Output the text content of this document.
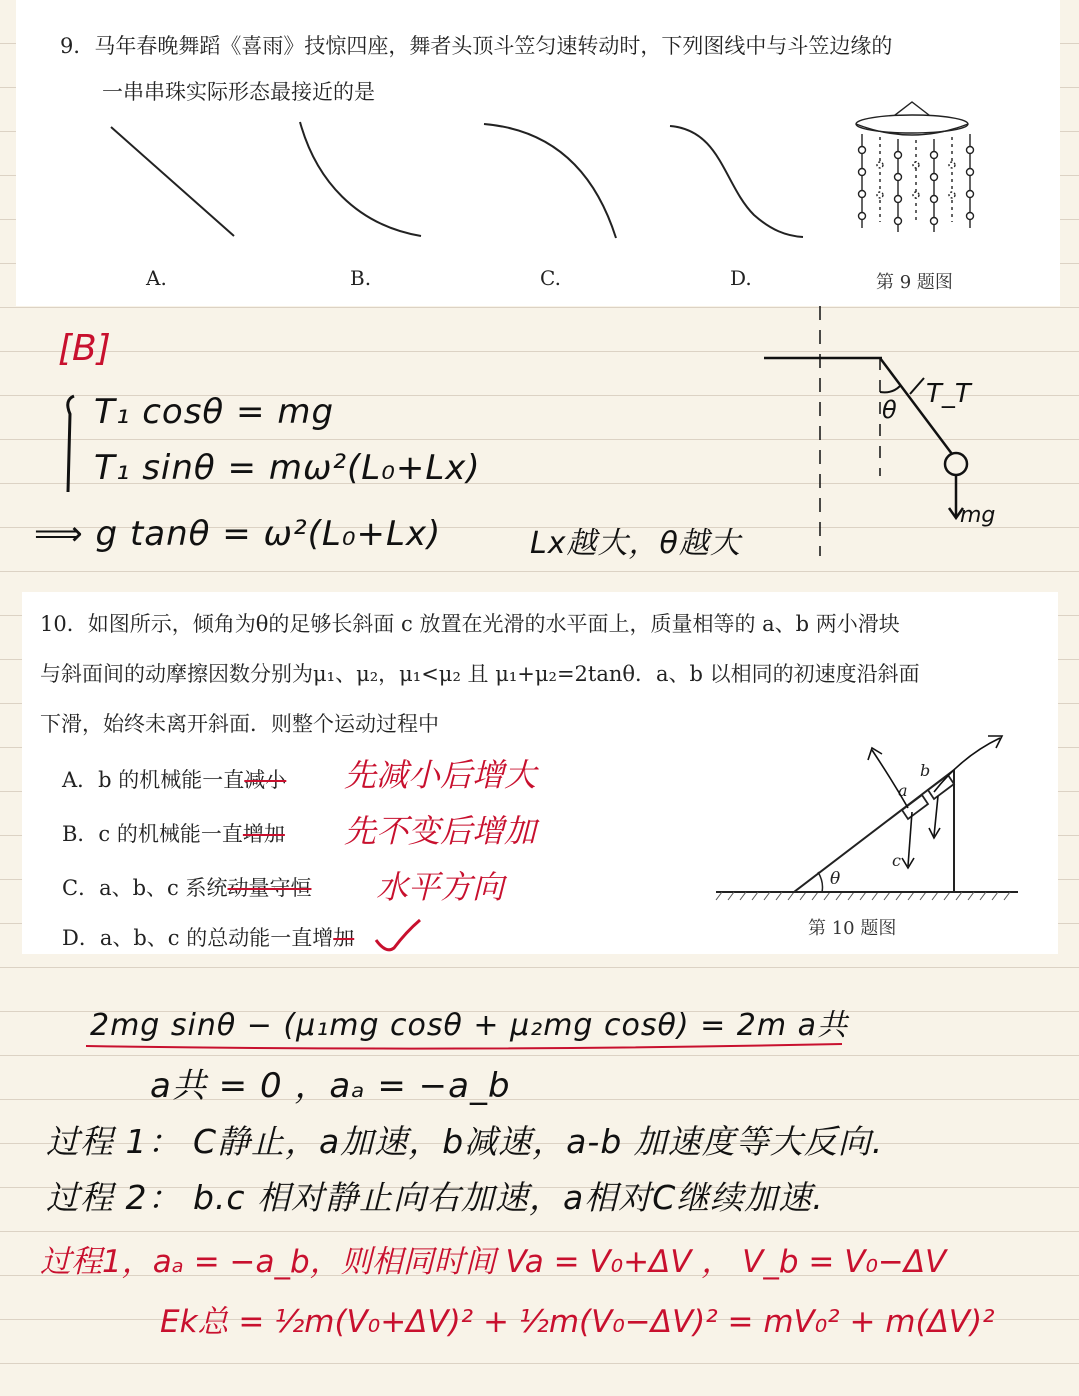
9．马年春晚舞蹈《喜雨》技惊四座，舞者头顶斗笠匀速转动时，下列图线中与斗笠边缘的
一串串珠实际形态最接近的是
A.	B.	C.	D.	第 9 题图
[B]
T₁ cosθ = mg
T₁ sinθ = mω²(L₀+Lx)
⟹ g tanθ = ω²(L₀+Lx)	Lx越大，θ越大
T_T
θ
mg
10．如图所示，倾角为θ的足够长斜面 c 放置在光滑的水平面上，质量相等的 a、b 两小滑块
与斜面间的动摩擦因数分别为μ₁、μ₂，μ₁<μ₂ 且 μ₁+μ₂=2tanθ．a、b 以相同的初速度沿斜面
下滑，始终未离开斜面．则整个运动过程中
A．b 的机械能一直减小
B．c 的机械能一直增加
C．a、b、c 系统动量守恒
D．a、b、c 的总动能一直增加
先减小后增大
先不变后增加
水平方向	θ
a
b
c
第 10 题图
2mg sinθ − (μ₁mg cosθ + μ₂mg cosθ) = 2m a共
a共 = 0 ，aₐ = −a_b
过程 1： C静止，a加速，b减速，a-b 加速度等大反向.
过程 2： b.c 相对静止向右加速，a相对C继续加速.
过程1，aₐ = −a_b，则相同时间 Va = V₀+ΔV ， V_b = V₀−ΔV
Ek总 = ½m(V₀+ΔV)² + ½m(V₀−ΔV)² = mV₀² + m(ΔV)²
